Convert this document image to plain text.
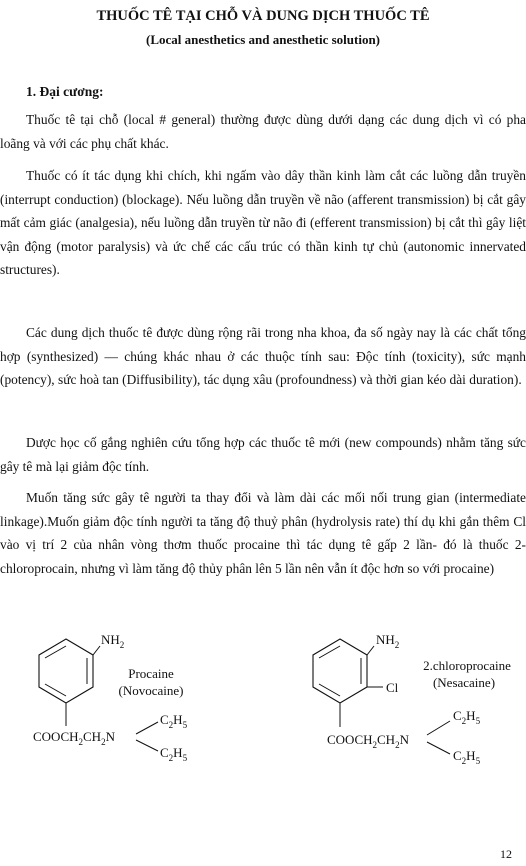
THUỐC TÊ TẠI CHỖ VÀ DUNG DỊCH THUỐC TÊ
(Local anesthetics and anesthetic solution)
1. Đại cương:

Thuốc tê tại chỗ (local # general) thường được dùng dưới dạng các dung dịch vì có pha loãng và với các phụ chất khác.

Thuốc có ít tác dụng khi chích, khi ngấm vào dây thần kinh làm cắt các luồng dẫn truyền (interrupt conduction) (blockage). Nếu luồng dẫn truyền về não (afferent transmission) bị cắt gây mất cảm giác (analgesia), nếu luồng dẫn truyền từ não đi (efferent transmission) bị cắt thì gây liệt vận động (motor paralysis) và ức chế các cấu trúc có thần kinh tự chủ (autonomic innervated structures).

Các dung dịch thuốc tê được dùng rộng rãi trong nha khoa, đa số ngày nay là các chất tổng hợp (synthesized) — chúng khác nhau ở các thuộc tính sau: Độc tính (toxicity), sức mạnh (potency), sức hoà tan (Diffusibility), tác dụng xâu (profoundness) và thời gian kéo dài duration).

Dược học cố gắng nghiên cứu tổng hợp các thuốc tê mới (new compounds) nhằm tăng sức gây tê mà lại giảm độc tính.

Muốn tăng sức gây tê người ta thay đổi và làm dài các mối nối trung gian (intermediate linkage).Muốn giảm độc tính người ta tăng độ thuỷ phân (hydrolysis rate) thí dụ khi gắn thêm Cl vào vị trí 2 của nhân vòng thơm thuốc procaine thì tác dụng tê gấp 2 lần- đó là thuốc 2-chloroprocain, nhưng vì làm tăng độ thủy phân lên 5 lần nên vẫn ít độc hơn so với procaine)

$NH_2$
Procaine
(Novocaine)
$COOCH_2CH_2N$
$C_2H_5$
$C_2H_5$
$NH_2$
2.chloroprocaine
(Nesacaine)
Cl
$COOCH_2CH_2N$
$C_2H_5$
$C_2H_5$
12
